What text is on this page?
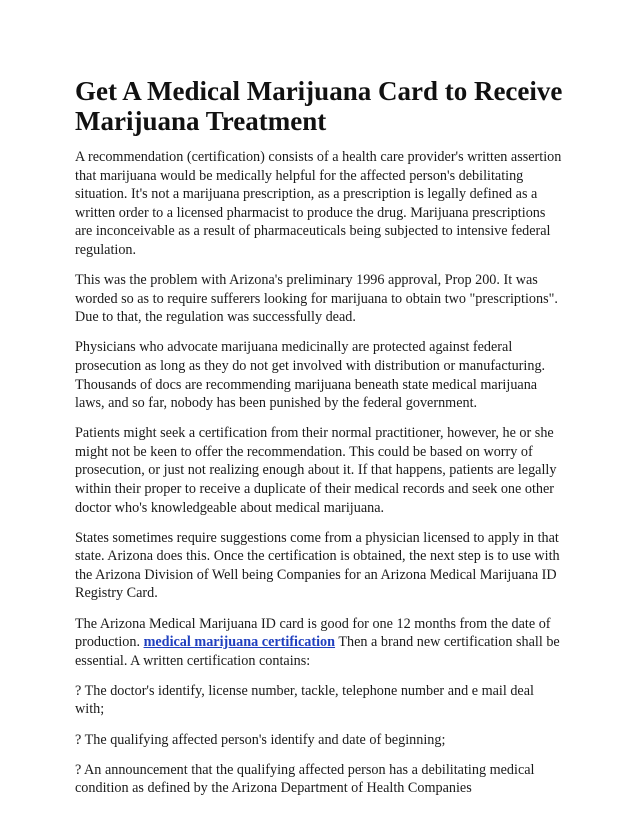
Get A Medical Marijuana Card to Receive Marijuana Treatment

A recommendation (certification) consists of a health care provider's written assertion that marijuana would be medically helpful for the affected person's debilitating situation. It's not a marijuana prescription, as a prescription is legally defined as a written order to a licensed pharmacist to produce the drug. Marijuana prescriptions are inconceivable as a result of pharmaceuticals being subjected to intensive federal regulation.

This was the problem with Arizona's preliminary 1996 approval, Prop 200. It was worded so as to require sufferers looking for marijuana to obtain two "prescriptions". Due to that, the regulation was successfully dead.

Physicians who advocate marijuana medicinally are protected against federal prosecution as long as they do not get involved with distribution or manufacturing. Thousands of docs are recommending marijuana beneath state medical marijuana laws, and so far, nobody has been punished by the federal government.

Patients might seek a certification from their normal practitioner, however, he or she might not be keen to offer the recommendation. This could be based on worry of prosecution, or just not realizing enough about it. If that happens, patients are legally within their proper to receive a duplicate of their medical records and seek one other doctor who's knowledgeable about medical marijuana.

States sometimes require suggestions come from a physician licensed to apply in that state. Arizona does this. Once the certification is obtained, the next step is to use with the Arizona Division of Well being Companies for an Arizona Medical Marijuana ID Registry Card.

The Arizona Medical Marijuana ID card is good for one 12 months from the date of production. medical marijuana certification Then a brand new certification shall be essential. A written certification contains:

? The doctor's identify, license number, tackle, telephone number and e mail deal with;

? The qualifying affected person's identify and date of beginning;

? An announcement that the qualifying affected person has a debilitating medical condition as defined by the Arizona Department of Health Companies
